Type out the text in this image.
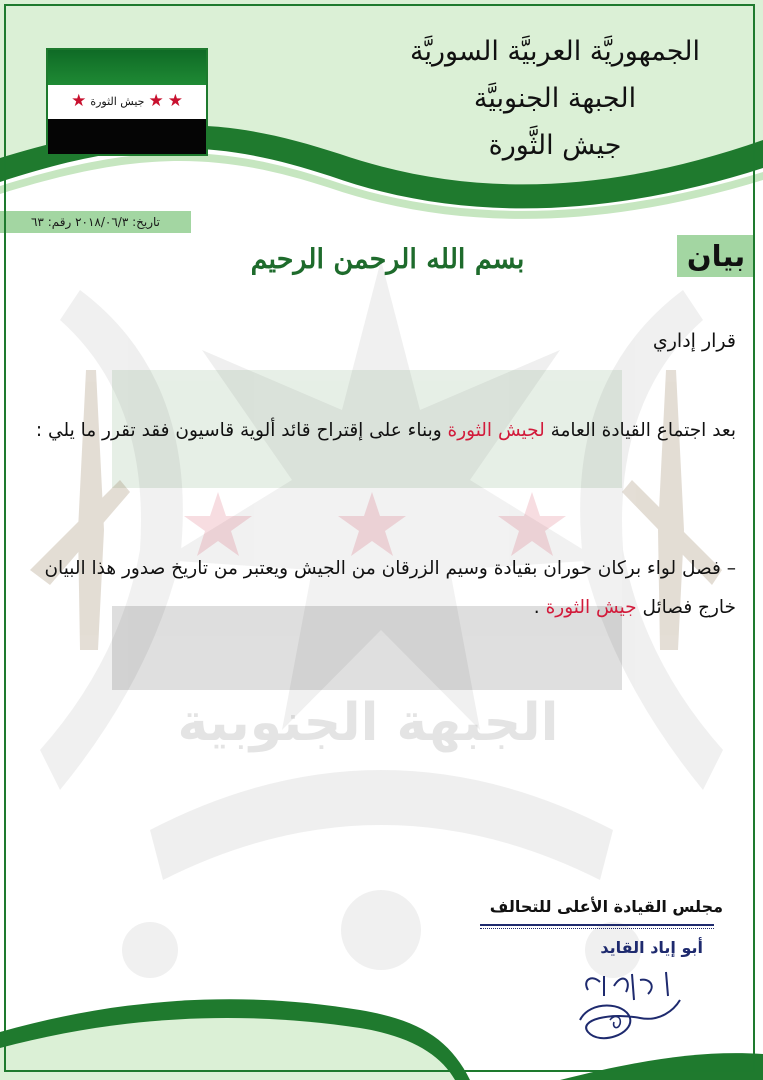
الجبهة الجنوبية
★ جيش الثورة ★ ★
الجمهوريَّة العربيَّة السوريَّة
الجبهة الجنوبيَّة
جيش الثَّورة
تاريخ: ٢٠١٨/٠٦/٣ رقم: ٦٣
بيان
بسم الله الرحمن الرحيم
قرار إداري
بعد اجتماع القيادة العامة لجيش الثورة وبناء على إقتراح قائد ألوية قاسيون فقد تقرر ما يلي :
– فصل لواء بركان حوران بقيادة وسيم الزرقان من الجيش ويعتبر من تاريخ صدور هذا البيان خارج فصائل جيش الثورة .
مجلس القيادة الأعلى للتحالف
أبو إياد القايد
